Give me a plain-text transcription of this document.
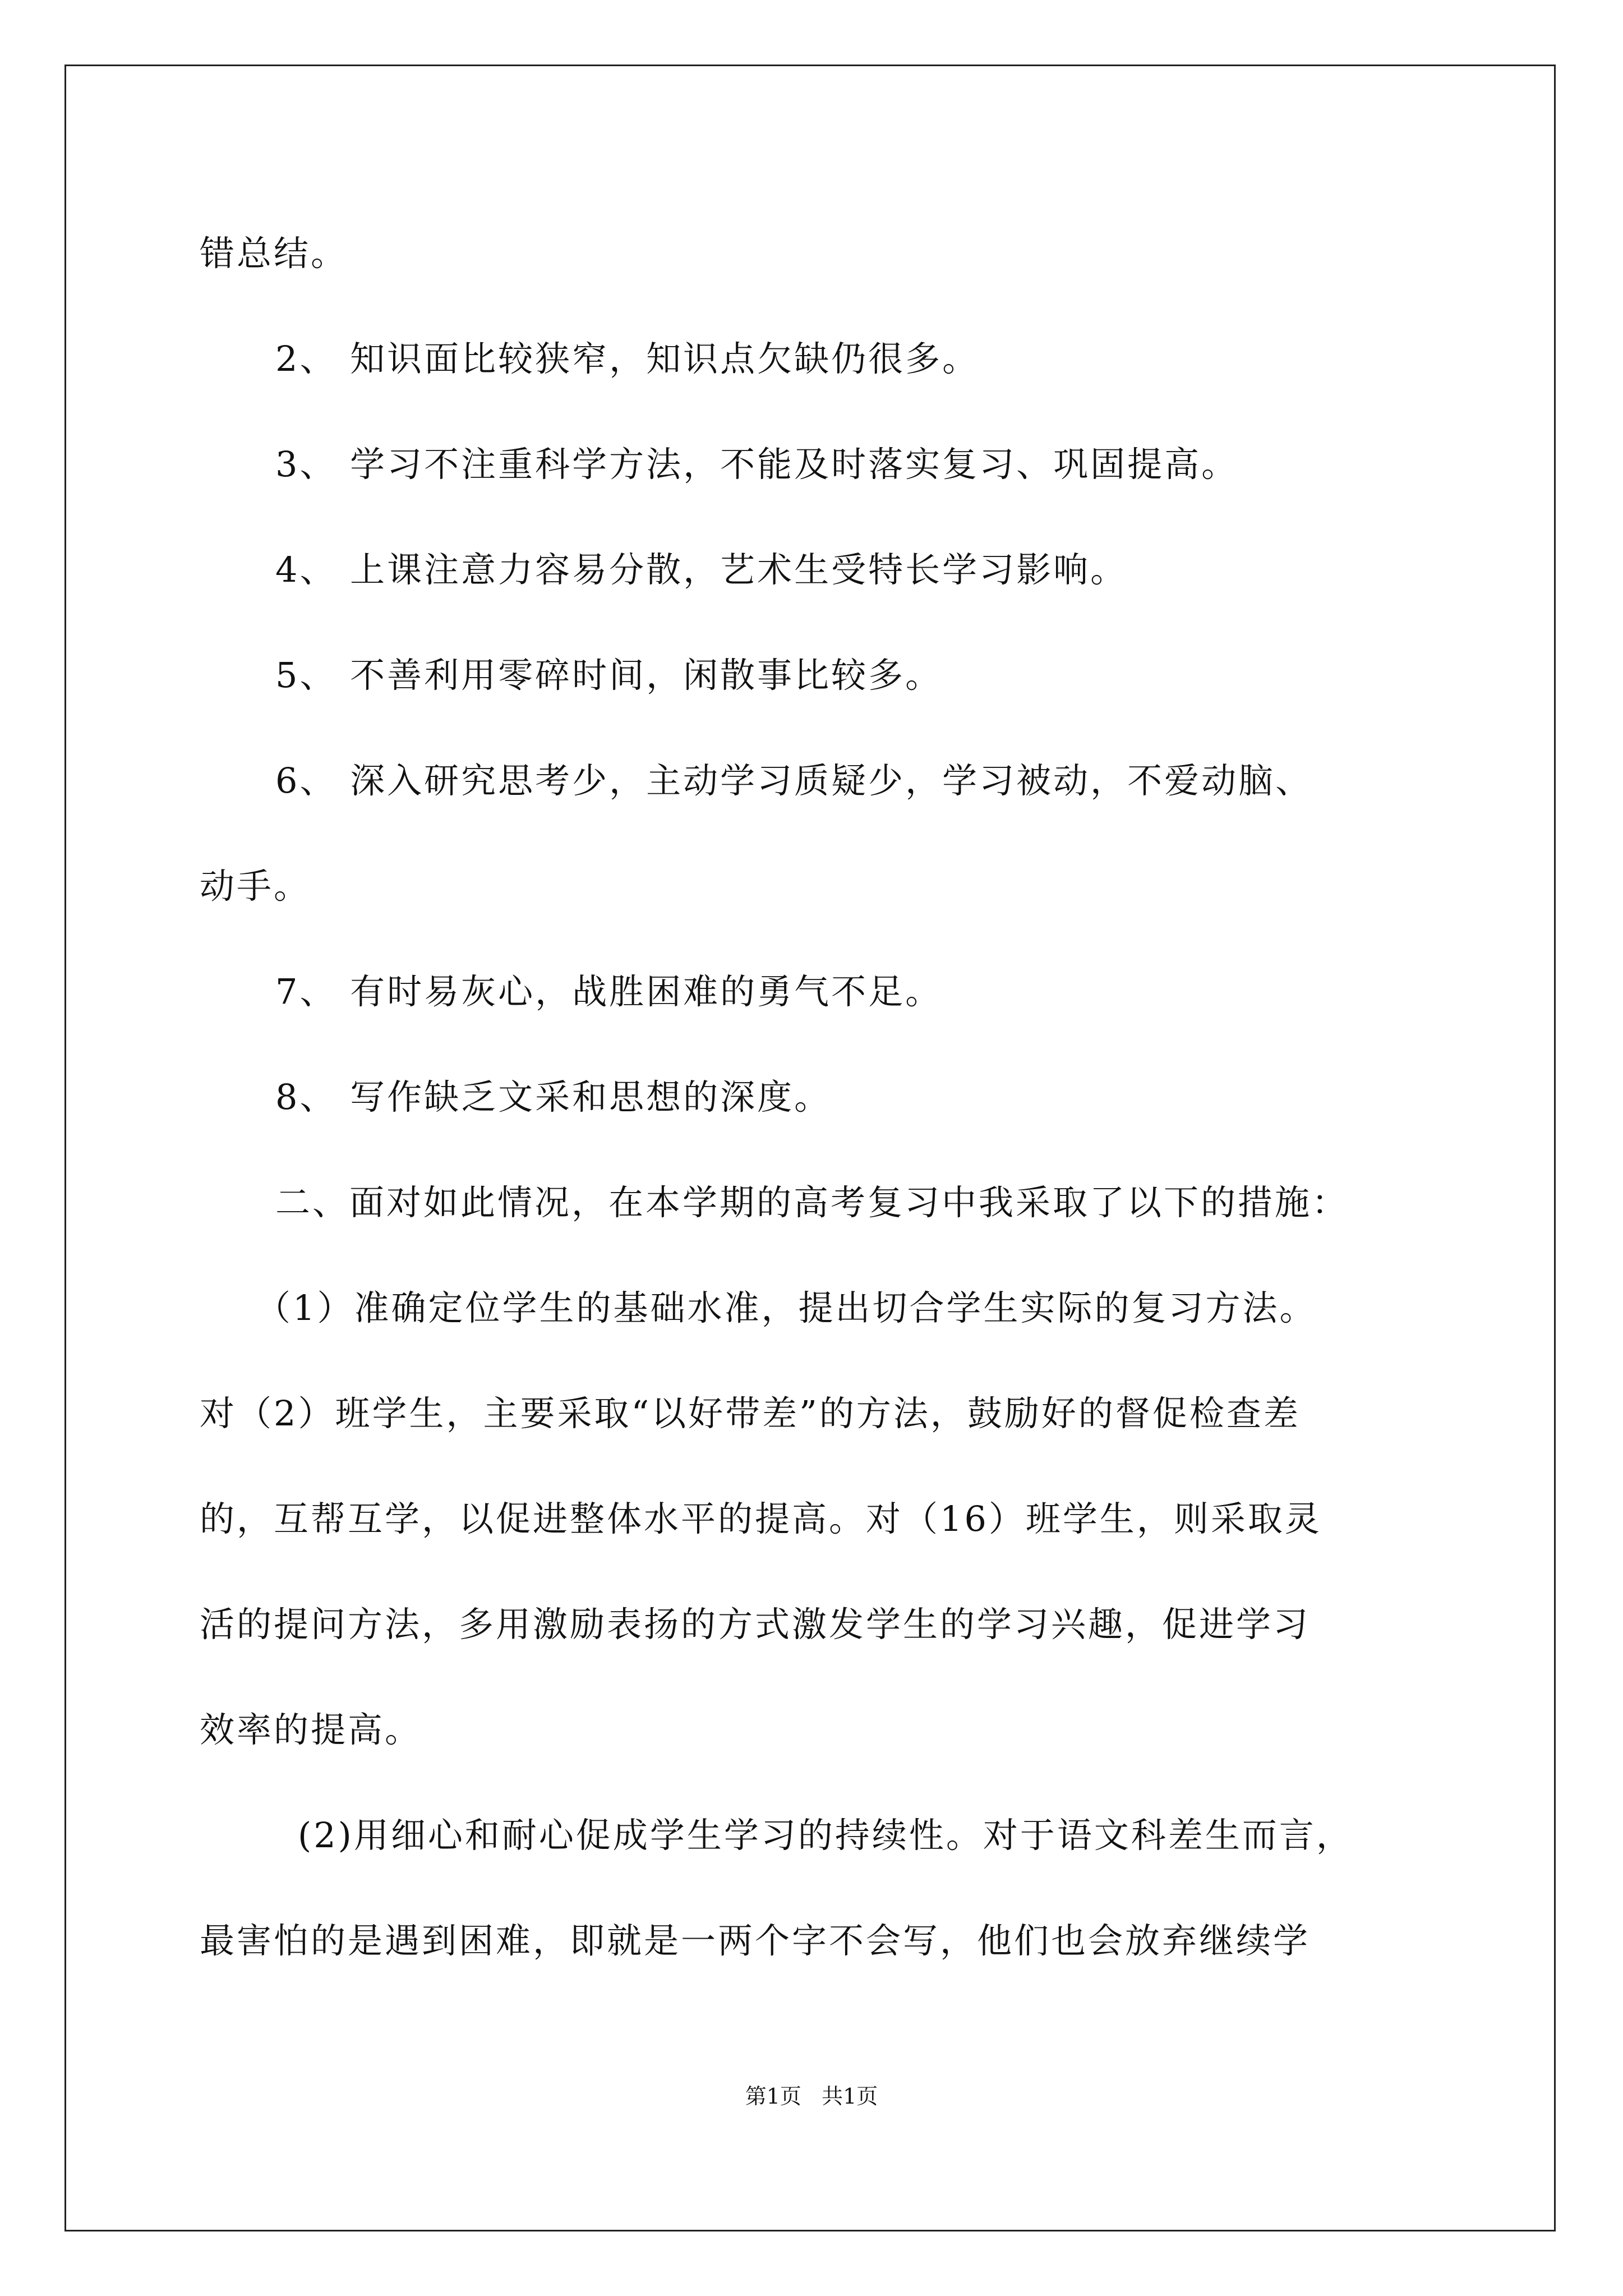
错总结。
2、 知识面比较狭窄，知识点欠缺仍很多。
3、 学习不注重科学方法，不能及时落实复习、巩固提高。
4、 上课注意力容易分散，艺术生受特长学习影响。
5、 不善利用零碎时间，闲散事比较多。
6、 深入研究思考少，主动学习质疑少，学习被动，不爱动脑、
动手。
7、 有时易灰心，战胜困难的勇气不足。
8、 写作缺乏文采和思想的深度。
二、面对如此情况，在本学期的高考复习中我采取了以下的措施：
（1）准确定位学生的基础水准，提出切合学生实际的复习方法。
对（2）班学生，主要采取“以好带差”的方法，鼓励好的督促检查差
的，互帮互学，以促进整体水平的提高。对（16）班学生，则采取灵
活的提问方法，多用激励表扬的方式激发学生的学习兴趣，促进学习
效率的提高。
(2)用细心和耐心促成学生学习的持续性。对于语文科差生而言，
最害怕的是遇到困难，即就是一两个字不会写，他们也会放弃继续学
第1页   共1页
